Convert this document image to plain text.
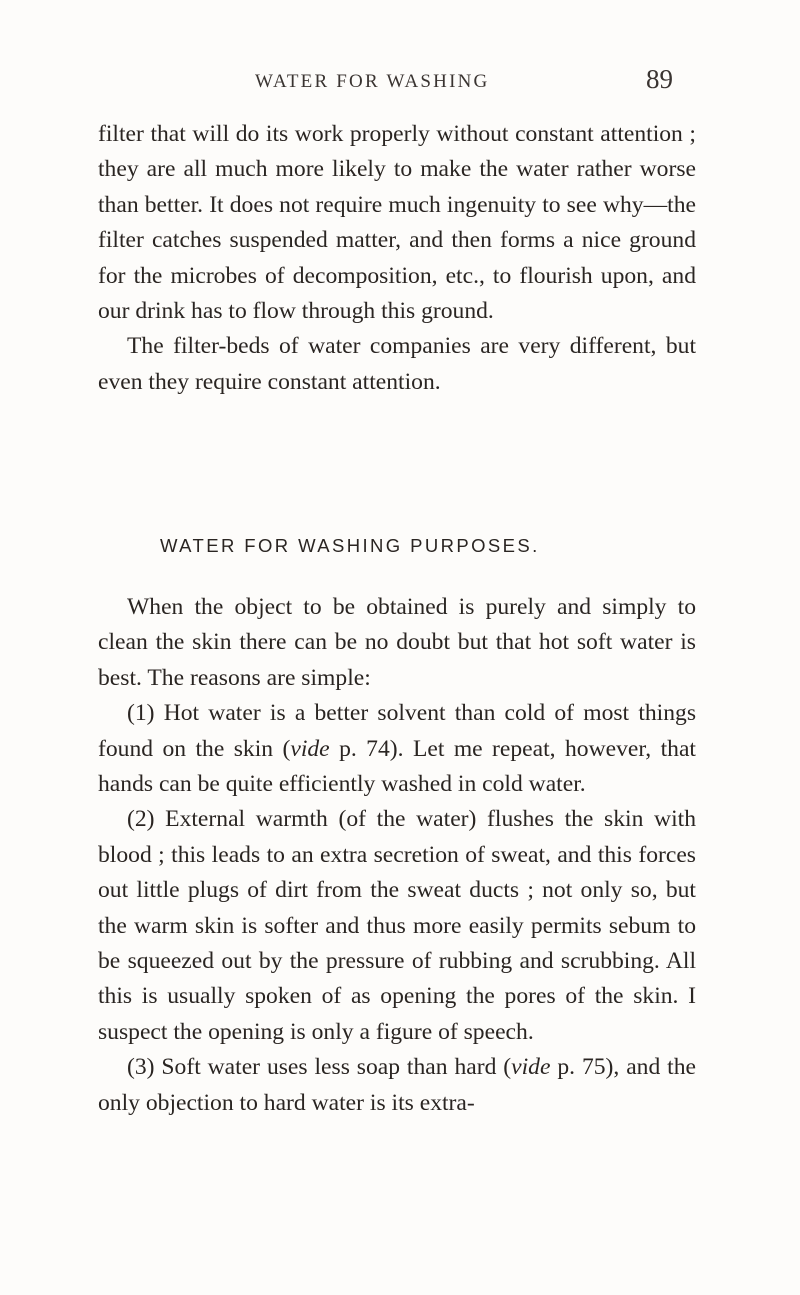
WATER FOR WASHING	89

filter that will do its work properly without constant attention ; they are all much more likely to make the water rather worse than better. It does not require much ingenuity to see why—the filter catches suspended matter, and then forms a nice ground for the microbes of decomposition, etc., to flourish upon, and our drink has to flow through this ground.

The filter-beds of water companies are very different, but even they require constant attention.

WATER FOR WASHING PURPOSES.

When the object to be obtained is purely and simply to clean the skin there can be no doubt but that hot soft water is best. The reasons are simple:

(1) Hot water is a better solvent than cold of most things found on the skin (vide p. 74). Let me repeat, however, that hands can be quite efficiently washed in cold water.

(2) External warmth (of the water) flushes the skin with blood ; this leads to an extra secretion of sweat, and this forces out little plugs of dirt from the sweat ducts ; not only so, but the warm skin is softer and thus more easily permits sebum to be squeezed out by the pressure of rubbing and scrubbing. All this is usually spoken of as opening the pores of the skin. I suspect the opening is only a figure of speech.

(3) Soft water uses less soap than hard (vide p. 75), and the only objection to hard water is its extra-
